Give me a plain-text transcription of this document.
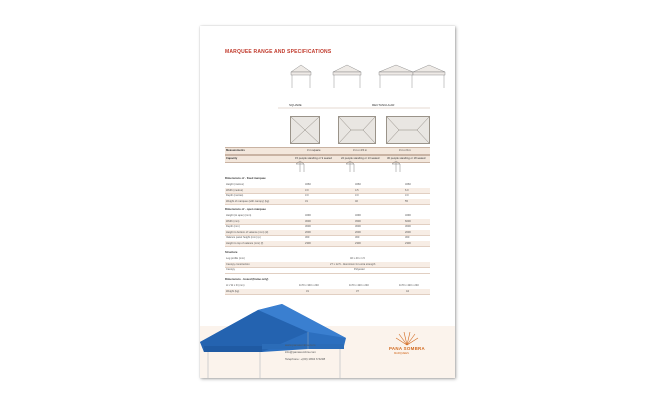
MARQUEE RANGE AND SPECIFICATIONS
SQUARE	RECTANGULAR
Measurements	3 m square	3 m x 4.5 m	3 m x 6 m
Capacity	15 people standing or 9 seated	22 people standing or 13 seated	30 people standing or 18 seated
Dimensions of - fixed marquee
Height (metres)	3260	3260	3260
Width (metres)	3.0	4.5	6.0
Depth (metres)	3.0	3.0	3.0
Weight of marquee (with canopy) (kg)	31	40	55
Dimensions of - open marquee
Height (to apex) (mm)	3290	3290	3290
Width (mm)	3000	4500	6000
Depth (mm)	3000	3000	3000
Height to bottom of valance (mm) (d)	2000	2000	2000
Valance panel height (mm) (e)	300	300	300
Height to top of valance (mm) (f)	2300	2300	2300
Structure
Leg profile (mm)	40 x 40 x 1.5
Canopy construction	27 x 12.5 - Aluminium for extra strength
Canopy	Polyester
Dimensions - boxed (frame only)
H x W x D (mm)	1170 x 340 x 240	1170 x 420 x 240	1170 x 420 x 240
Weight (kg)	31	37	44
www.panasombra.com
info@panasombra.com
Telephone: +(00) 1804 6 5238
PANA SOMBRA
MARQUEES
